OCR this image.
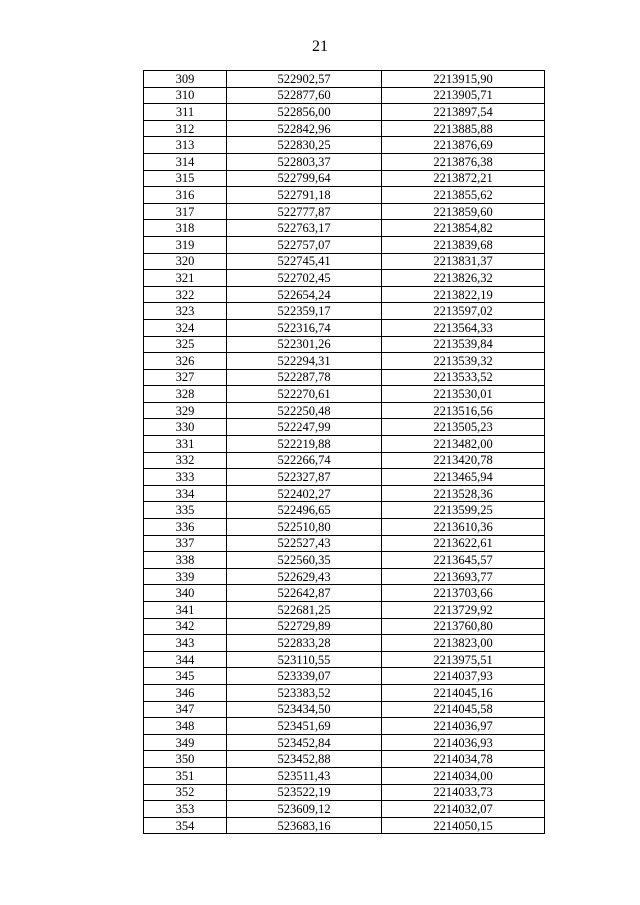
21
309	522902,57	2213915,90
310	522877,60	2213905,71
311	522856,00	2213897,54
312	522842,96	2213885,88
313	522830,25	2213876,69
314	522803,37	2213876,38
315	522799,64	2213872,21
316	522791,18	2213855,62
317	522777,87	2213859,60
318	522763,17	2213854,82
319	522757,07	2213839,68
320	522745,41	2213831,37
321	522702,45	2213826,32
322	522654,24	2213822,19
323	522359,17	2213597,02
324	522316,74	2213564,33
325	522301,26	2213539,84
326	522294,31	2213539,32
327	522287,78	2213533,52
328	522270,61	2213530,01
329	522250,48	2213516,56
330	522247,99	2213505,23
331	522219,88	2213482,00
332	522266,74	2213420,78
333	522327,87	2213465,94
334	522402,27	2213528,36
335	522496,65	2213599,25
336	522510,80	2213610,36
337	522527,43	2213622,61
338	522560,35	2213645,57
339	522629,43	2213693,77
340	522642,87	2213703,66
341	522681,25	2213729,92
342	522729,89	2213760,80
343	522833,28	2213823,00
344	523110,55	2213975,51
345	523339,07	2214037,93
346	523383,52	2214045,16
347	523434,50	2214045,58
348	523451,69	2214036,97
349	523452,84	2214036,93
350	523452,88	2214034,78
351	523511,43	2214034,00
352	523522,19	2214033,73
353	523609,12	2214032,07
354	523683,16	2214050,15
